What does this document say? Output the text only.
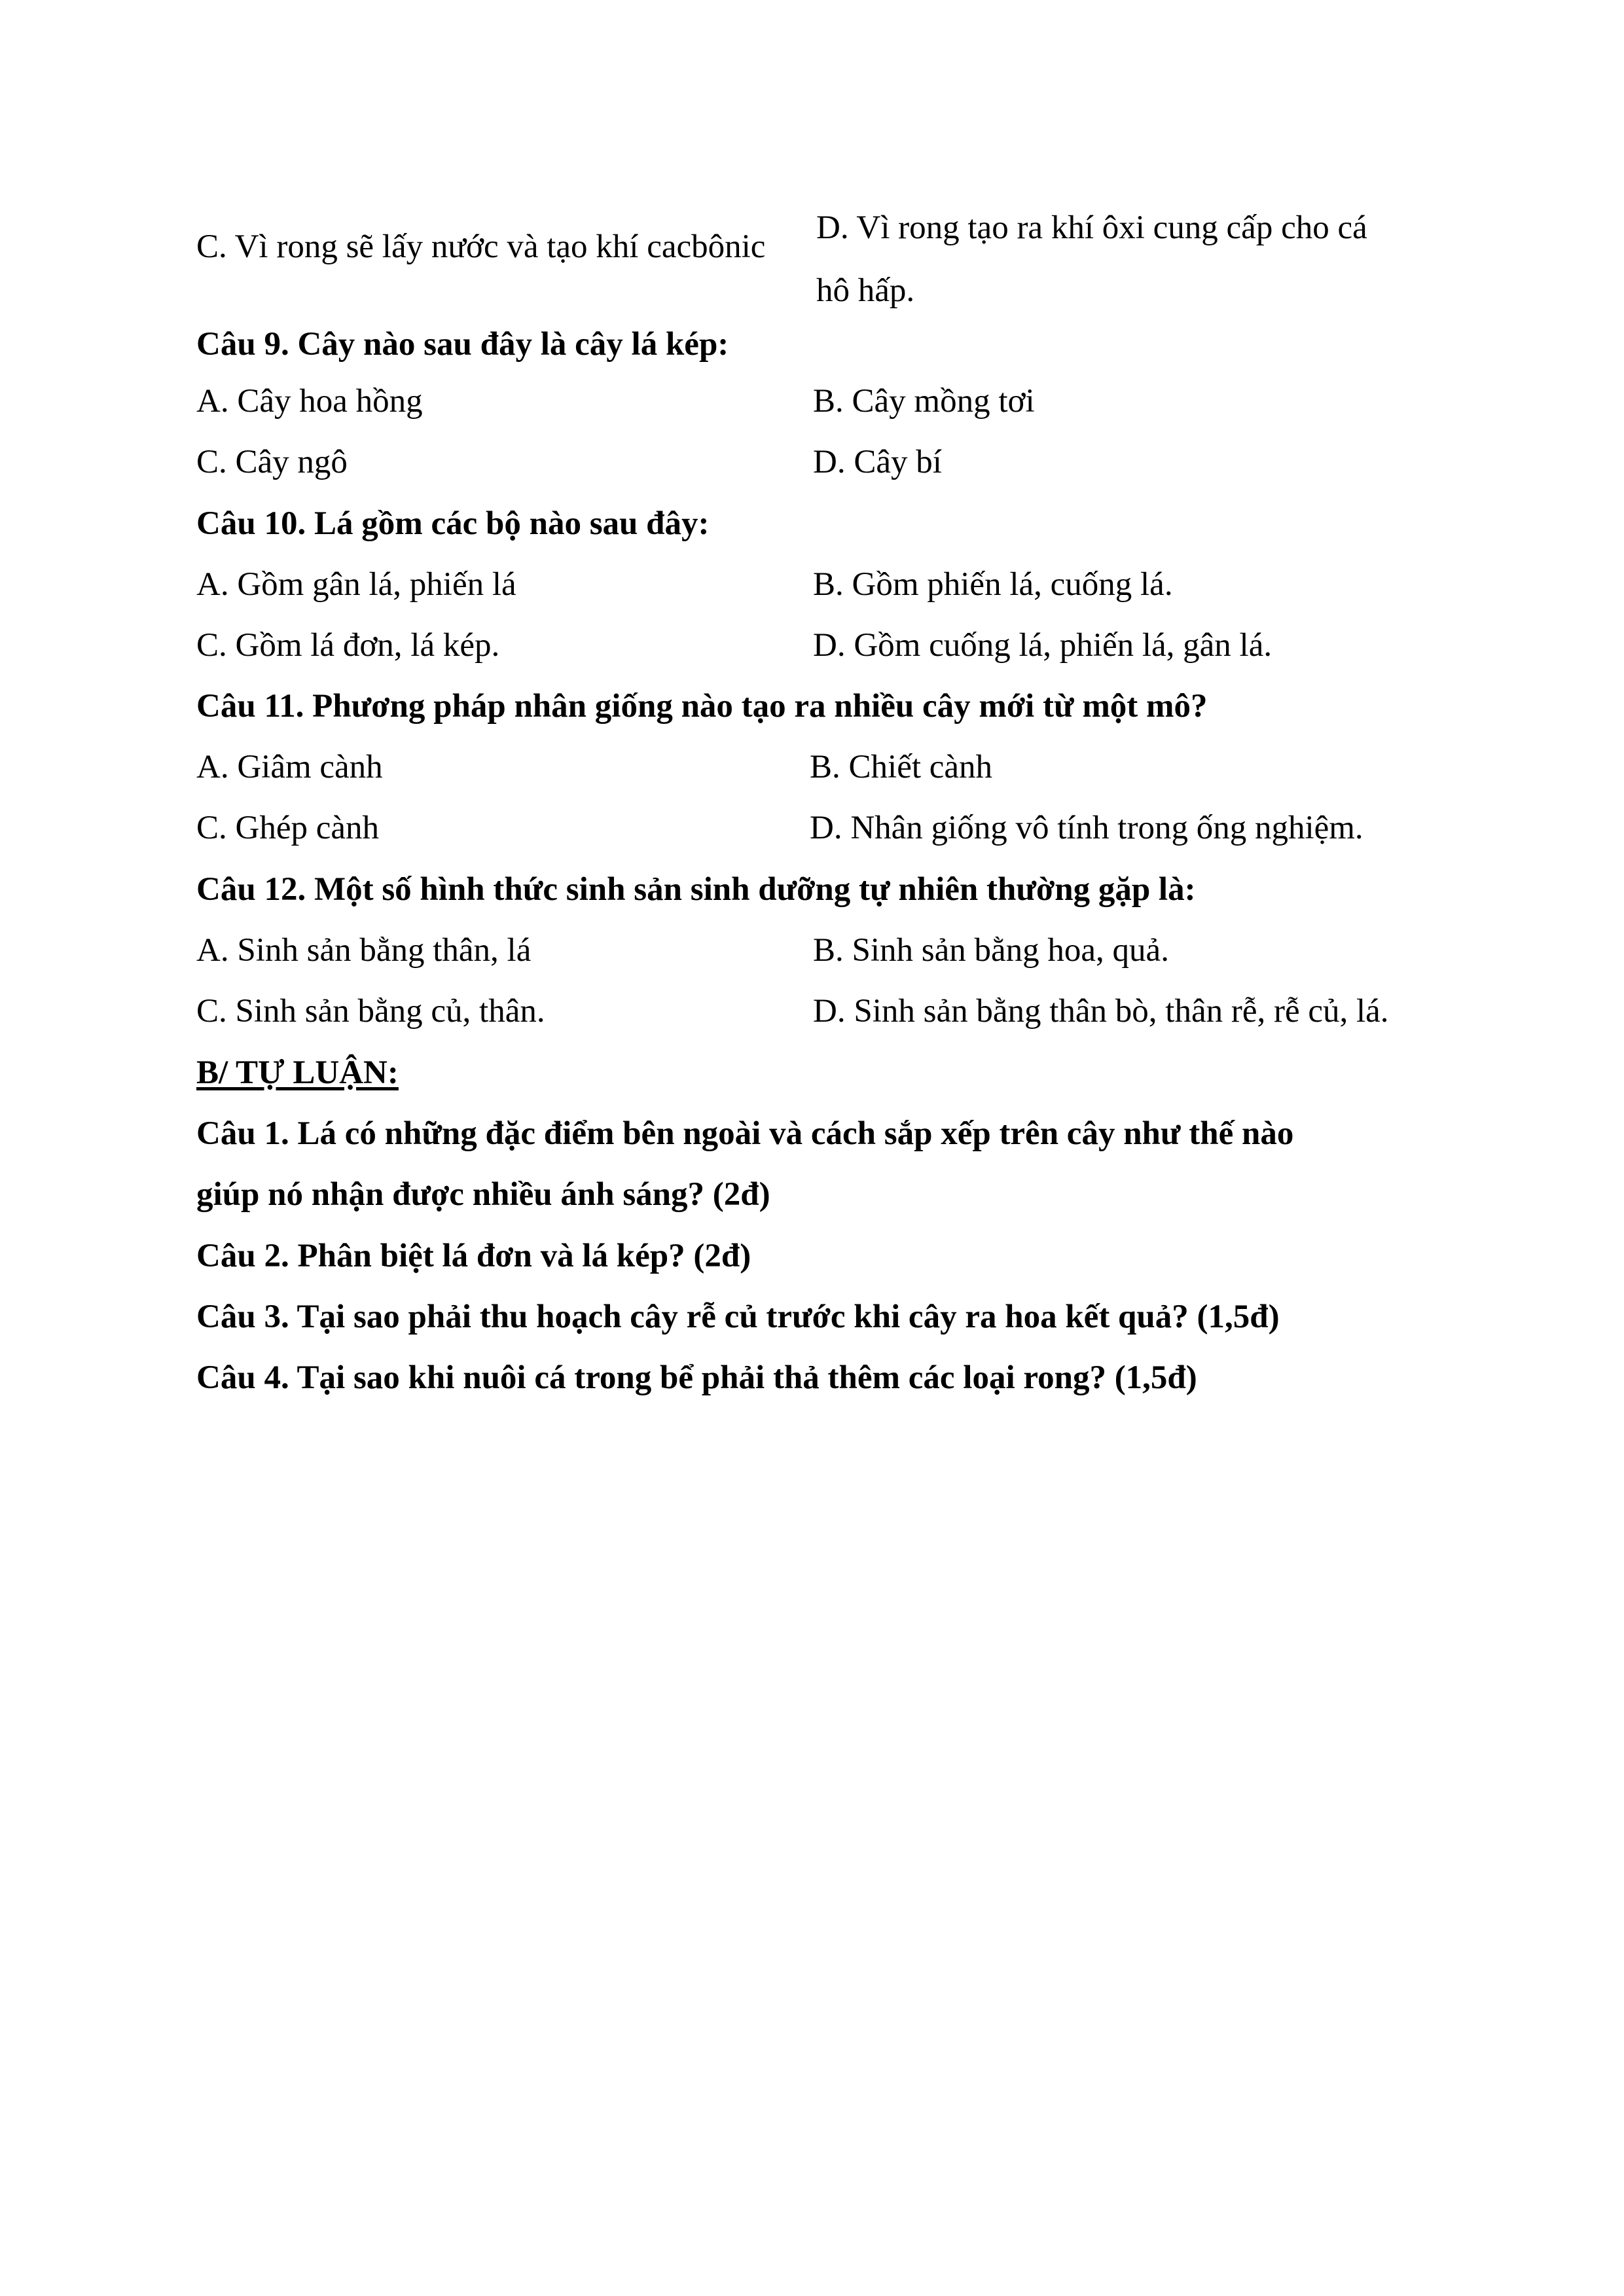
C. Vì rong sẽ lấy nước và tạo khí cacbônic
D. Vì rong tạo ra khí ôxi cung cấp cho cá
hô hấp.
Câu 9. Cây nào sau đây là cây lá kép:
A. Cây hoa hồng	B. Cây mồng tơi
C. Cây ngô	D. Cây bí
Câu 10. Lá gồm các bộ nào sau đây:
A. Gồm gân lá, phiến lá	B. Gồm phiến lá, cuống lá.
C. Gồm lá đơn, lá kép.	D. Gồm cuống lá, phiến lá, gân lá.
Câu 11. Phương pháp nhân giống nào tạo ra nhiều cây mới từ một mô?
A. Giâm cành	B. Chiết cành
C. Ghép cành	D. Nhân giống vô tính trong ống nghiệm.
Câu 12. Một số hình thức sinh sản sinh dưỡng tự nhiên thường gặp là:
A. Sinh sản bằng thân, lá	B. Sinh sản bằng hoa, quả.
C. Sinh sản bằng củ, thân.	D. Sinh sản bằng thân bò, thân rễ, rễ củ, lá.
B/ TỰ LUẬN:
Câu 1. Lá có những đặc điểm bên ngoài và cách sắp xếp trên cây như thế nào
giúp nó nhận được nhiều ánh sáng? (2đ)
Câu 2. Phân biệt lá đơn và lá kép? (2đ)
Câu 3. Tại sao phải thu hoạch cây rễ củ trước khi cây ra hoa kết quả? (1,5đ)
Câu 4. Tại sao khi nuôi cá trong bể phải thả thêm các loại rong? (1,5đ)
